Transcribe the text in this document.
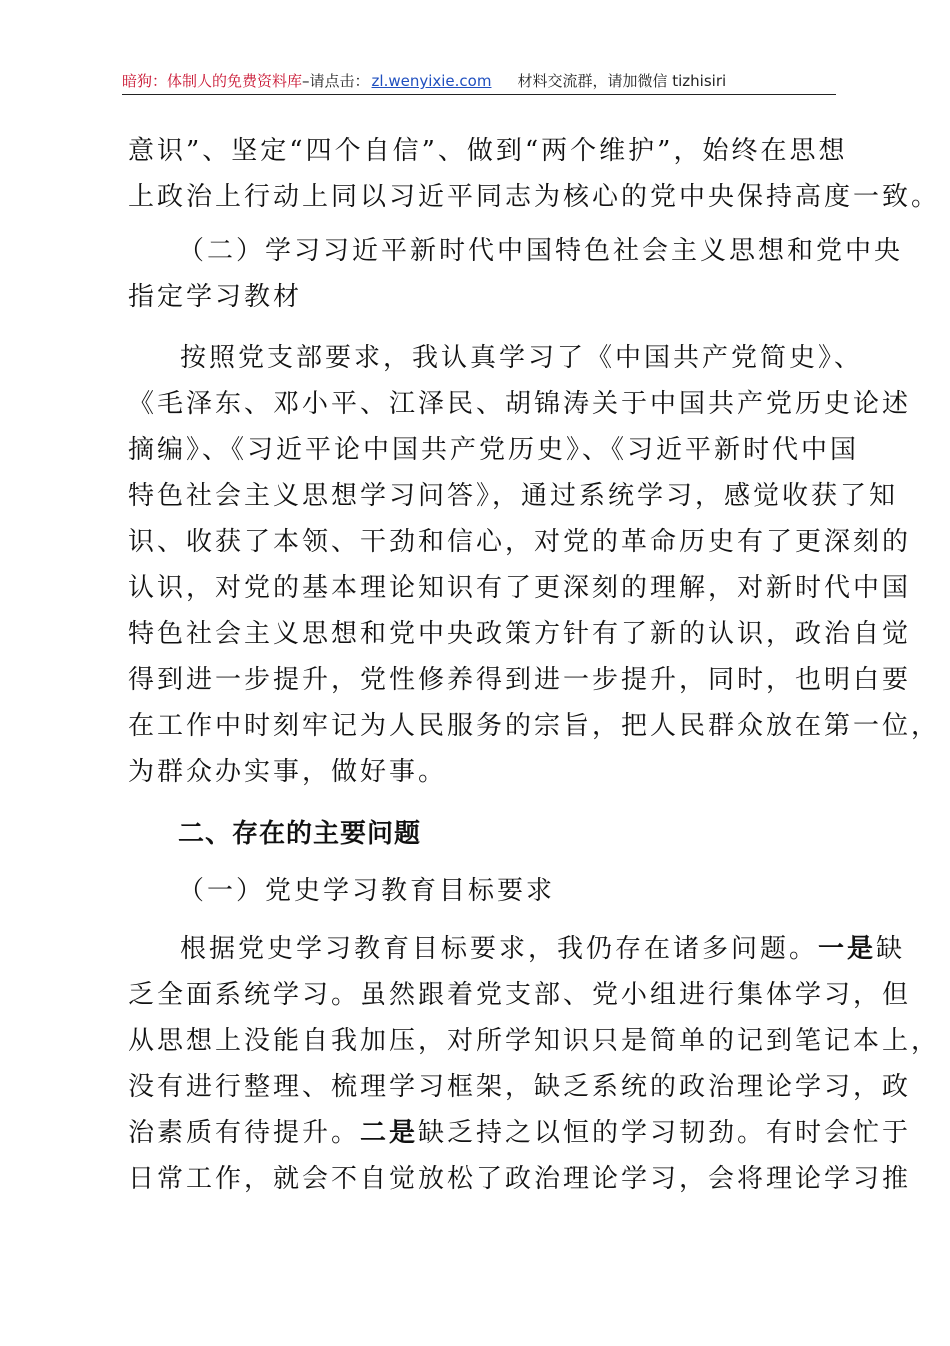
暗狗：体制人的免费资料库–请点击： zl.wenyixie.com 材料交流群，请加微信 tizhisiri
意识”、坚定“四个自信”、做到“两个维护”，始终在思想
上政治上行动上同以习近平同志为核心的党中央保持高度一致。
（二）学习习近平新时代中国特色社会主义思想和党中央
指定学习教材
按照党支部要求，我认真学习了《中国共产党简史》、
《毛泽东、邓小平、江泽民、胡锦涛关于中国共产党历史论述
摘编》、《习近平论中国共产党历史》、《习近平新时代中国
特色社会主义思想学习问答》，通过系统学习，感觉收获了知
识、收获了本领、干劲和信心，对党的革命历史有了更深刻的
认识，对党的基本理论知识有了更深刻的理解，对新时代中国
特色社会主义思想和党中央政策方针有了新的认识，政治自觉
得到进一步提升，党性修养得到进一步提升，同时，也明白要
在工作中时刻牢记为人民服务的宗旨，把人民群众放在第一位，
为群众办实事，做好事。
二、存在的主要问题
（一）党史学习教育目标要求
根据党史学习教育目标要求，我仍存在诸多问题。一是缺
乏全面系统学习。虽然跟着党支部、党小组进行集体学习，但
从思想上没能自我加压，对所学知识只是简单的记到笔记本上，
没有进行整理、梳理学习框架，缺乏系统的政治理论学习，政
治素质有待提升。二是缺乏持之以恒的学习韧劲。有时会忙于
日常工作，就会不自觉放松了政治理论学习，会将理论学习推
